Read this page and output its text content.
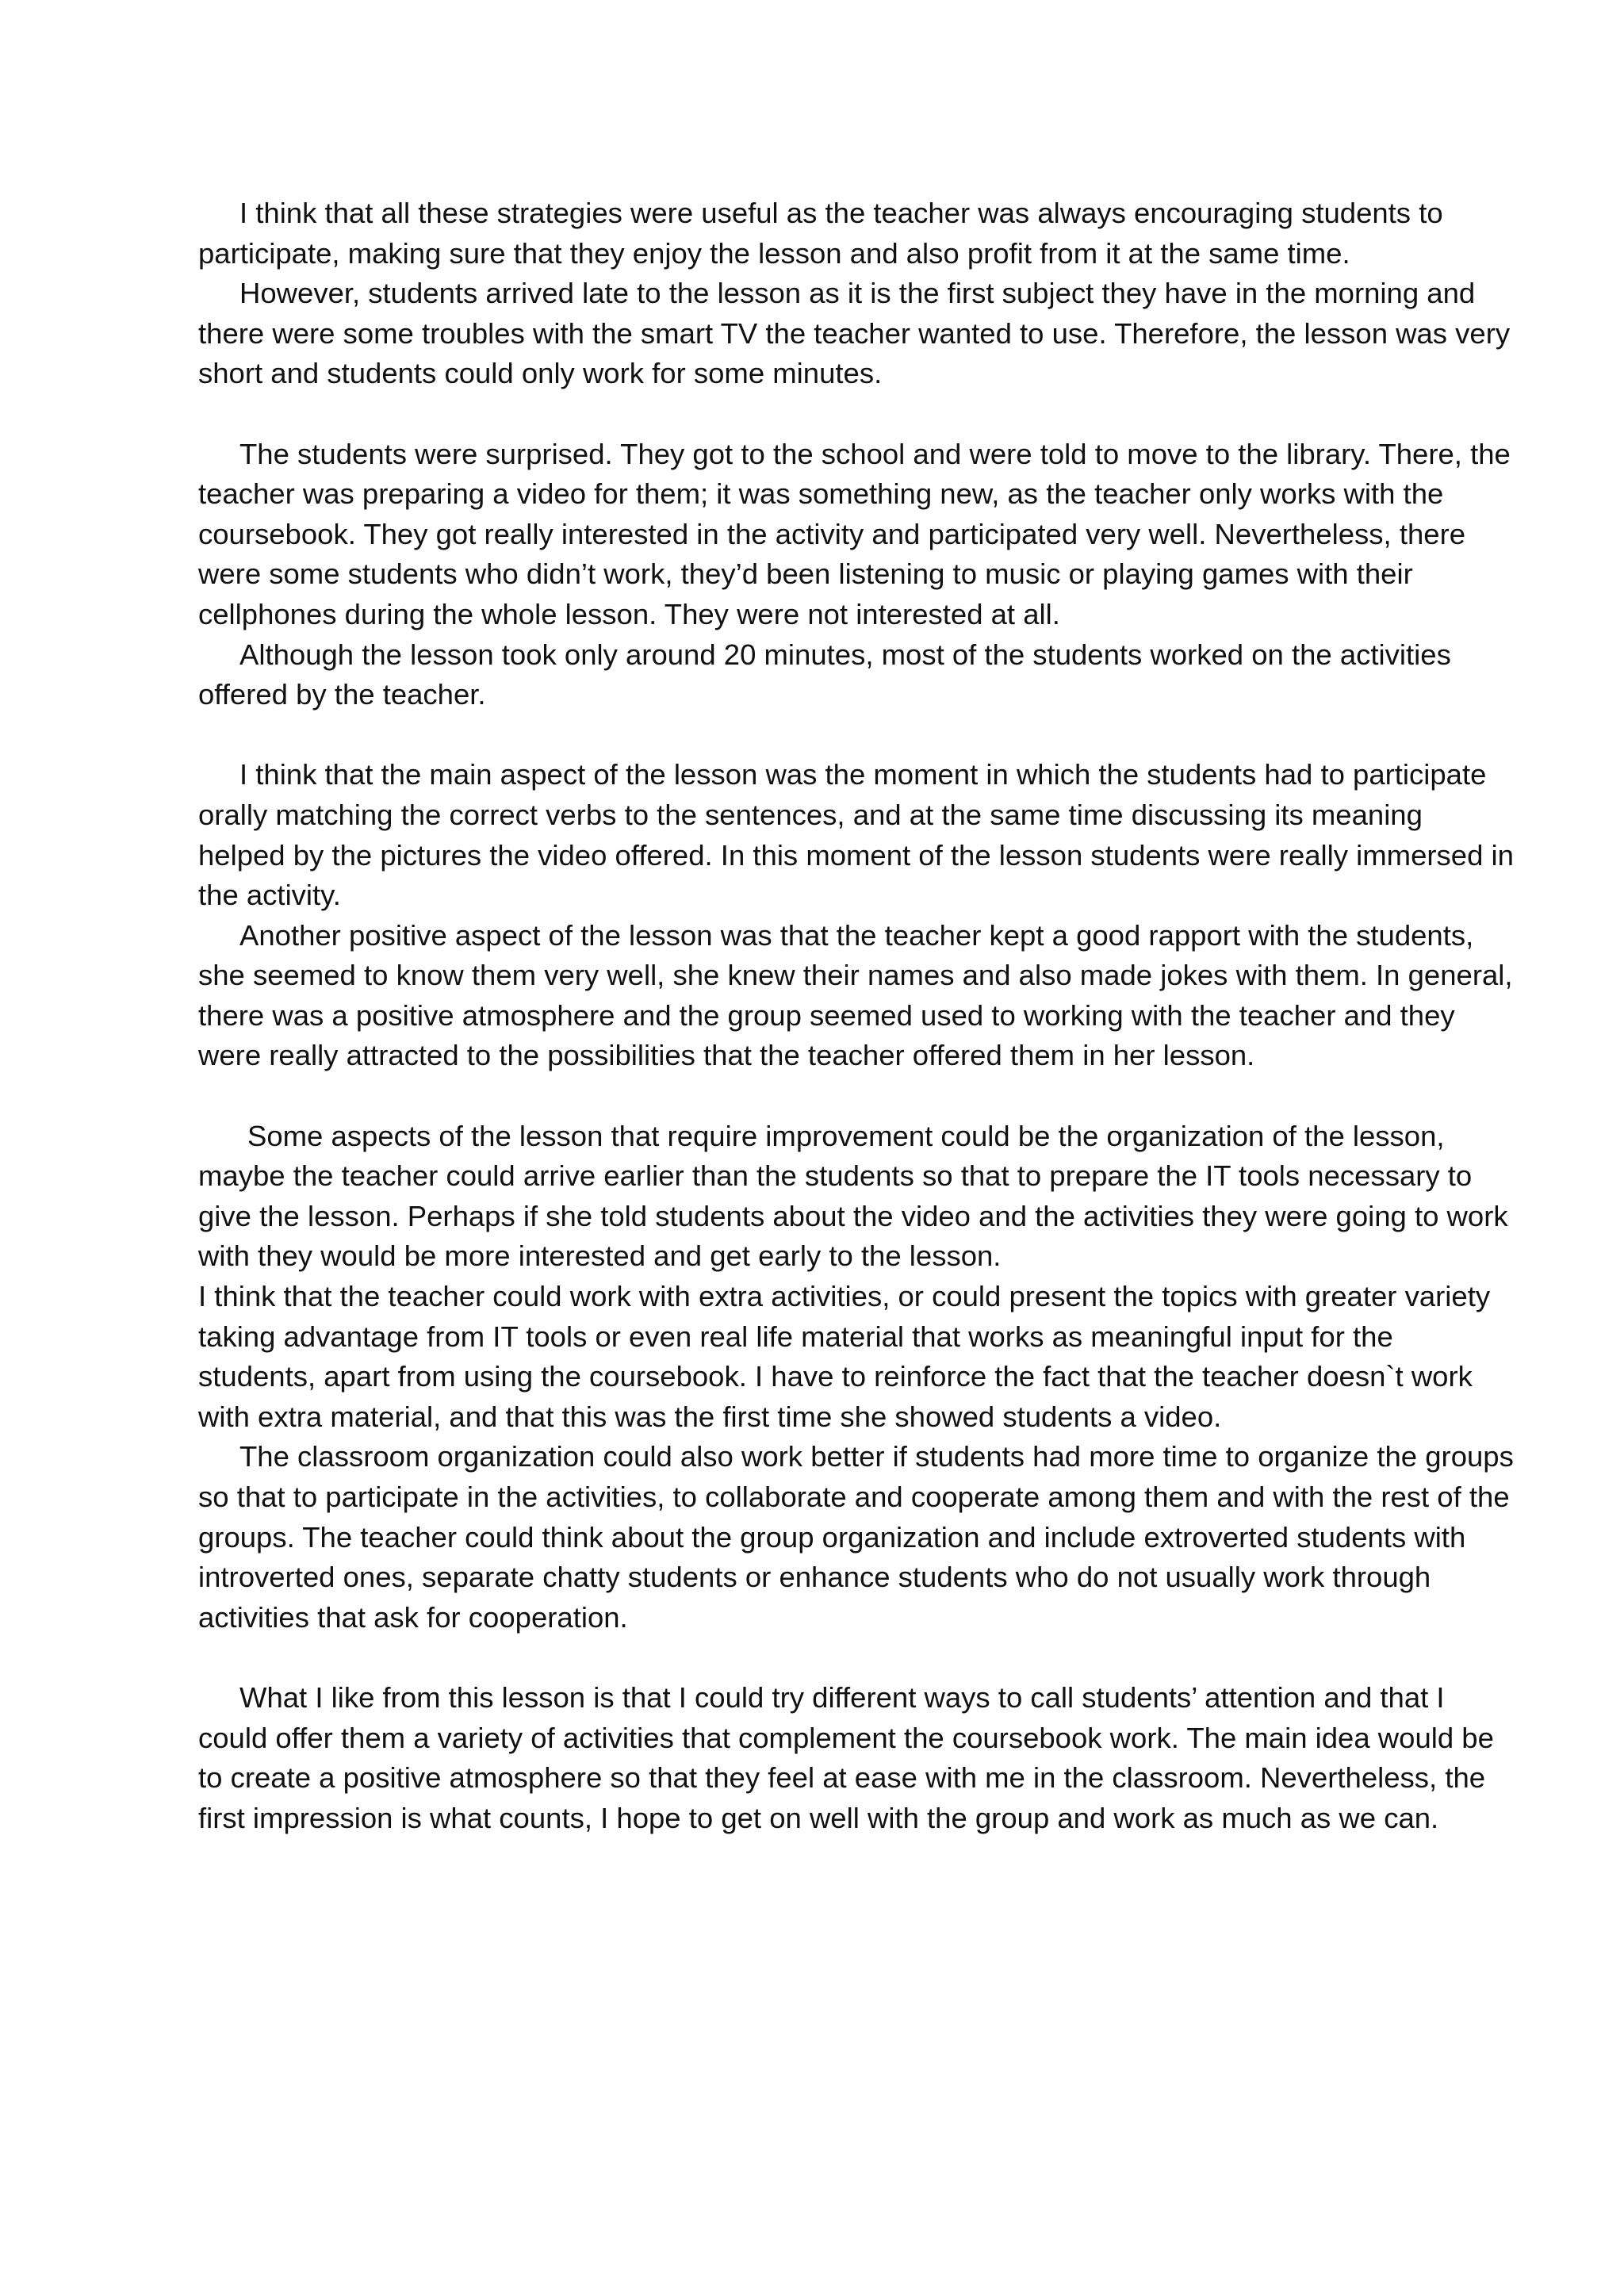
I think that all these strategies were useful as the teacher was always encouraging students to participate, making sure that they enjoy the lesson and also profit from it at the same time.

However, students arrived late to the lesson as it is the first subject they have in the morning and there were some troubles with the smart TV the teacher wanted to use. Therefore, the lesson was very short and students could only work for some minutes.

The students were surprised. They got to the school and were told to move to the library. There, the teacher was preparing a video for them; it was something new, as the teacher only works with the coursebook. They got really interested in the activity and participated very well. Nevertheless, there were some students who didn’t work, they’d been listening to music or playing games with their cellphones during the whole lesson. They were not interested at all.

Although the lesson took only around 20 minutes, most of the students worked on the activities offered by the teacher.

I think that the main aspect of the lesson was the moment in which the students had to participate orally matching the correct verbs to the sentences, and at the same time discussing its meaning helped by the pictures the video offered. In this moment of the lesson students were really immersed in the activity.

Another positive aspect of the lesson was that the teacher kept a good rapport with the students, she seemed to know them very well, she knew their names and also made jokes with them. In general, there was a positive atmosphere and the group seemed used to working with the teacher and they were really attracted to the possibilities that the teacher offered them in her lesson.

Some aspects of the lesson that require improvement could be the organization of the lesson, maybe the teacher could arrive earlier than the students so that to prepare the IT tools necessary to give the lesson. Perhaps if she told students about the video and the activities they were going to work with they would be more interested and get early to the lesson.

I think that the teacher could work with extra activities, or could present the topics with greater variety taking advantage from IT tools or even real life material that works as meaningful input for the students, apart from using the coursebook. I have to reinforce the fact that the teacher doesn`t work with extra material, and that this was the first time she showed students a video.

The classroom organization could also work better if students had more time to organize the groups so that to participate in the activities, to collaborate and cooperate among them and with the rest of the groups. The teacher could think about the group organization and include extroverted students with introverted ones, separate chatty students or enhance students who do not usually work through activities that ask for cooperation.

What I like from this lesson is that I could try different ways to call students’ attention and that I could offer them a variety of activities that complement the coursebook work. The main idea would be to create a positive atmosphere so that they feel at ease with me in the classroom. Nevertheless, the first impression is what counts, I hope to get on well with the group and work as much as we can.
